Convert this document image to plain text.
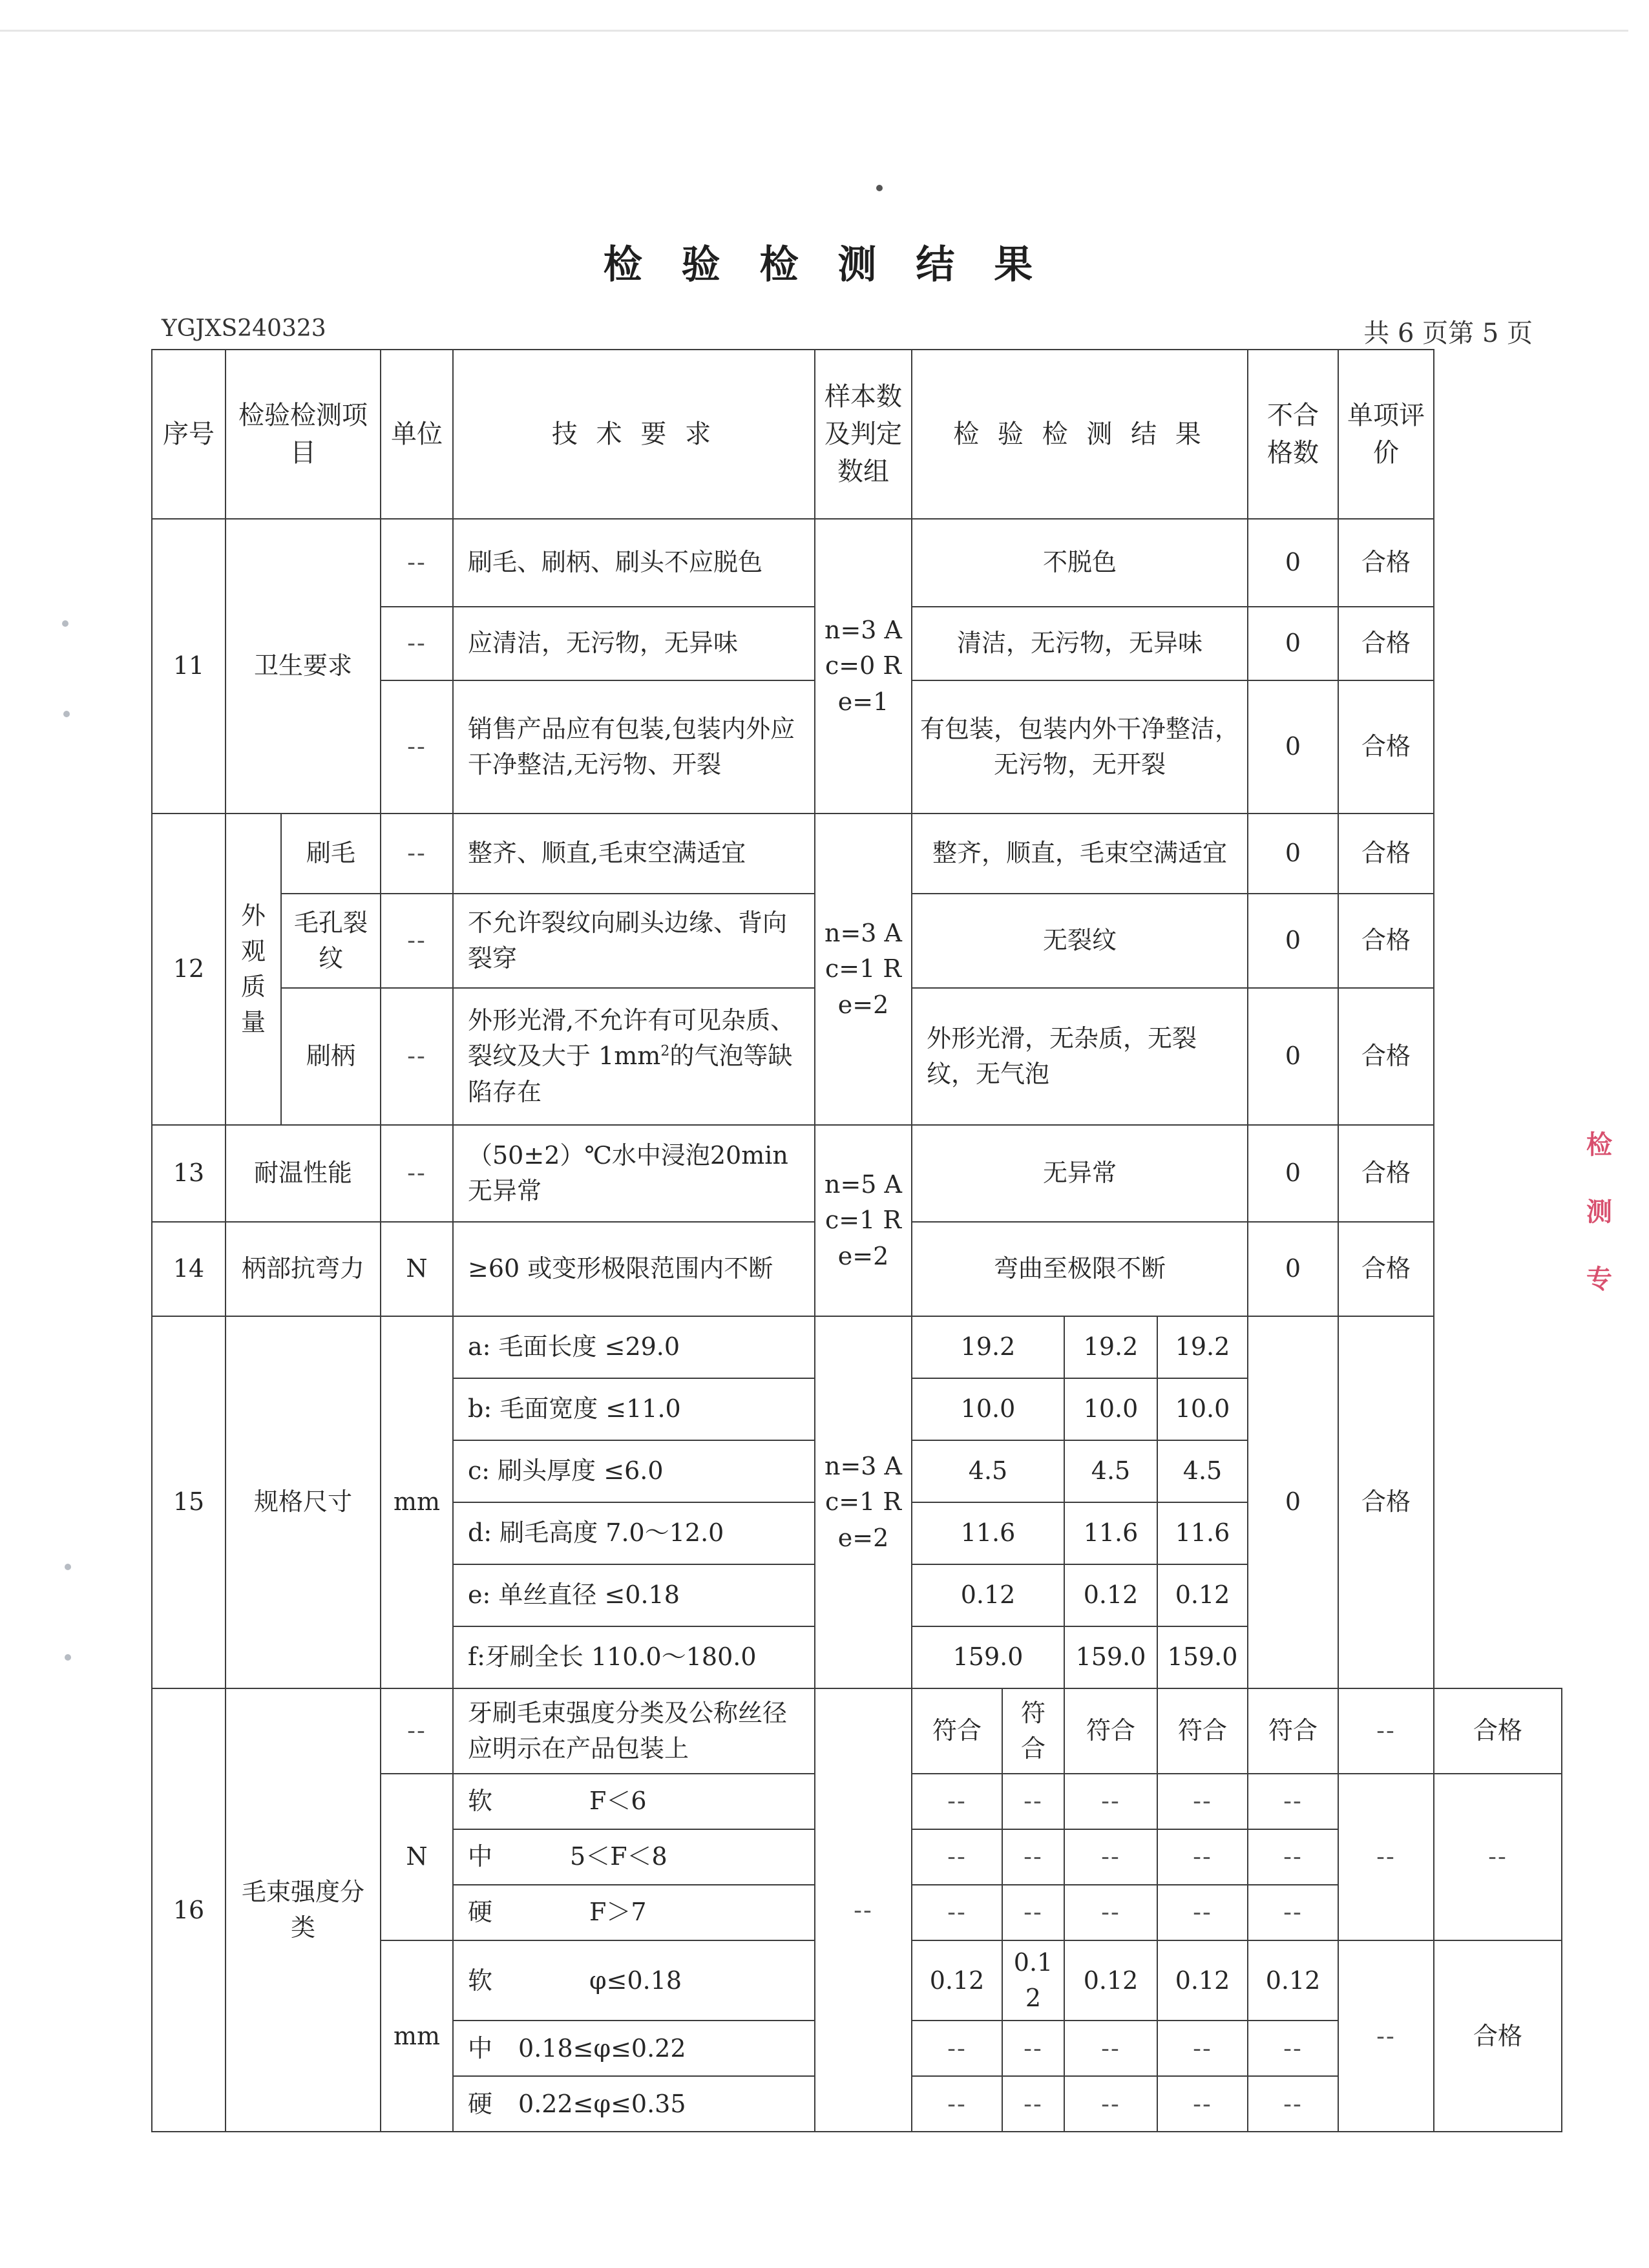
检 验 检 测 结 果
YGJXS240323	共 6 页第 5 页
检
测
专
序号	检验检测项目		单位	技 术 要 求	样本数及判定数组	检 验 检 测 结 果				不合格数	单项评价	
11	卫生要求		--	刷毛、刷柄、刷头不应脱色	n=3 Ac=0 Re=1	不脱色				0	合格	
			--	应清洁，无污物，无异味		清洁，无污物，无异味				0	合格	
			--	销售产品应有包装,包装内外应干净整洁,无污物、开裂		有包装，包装内外干净整洁，无污物，无开裂				0	合格	
12	外观质量	刷毛	--	整齐、顺直,毛束空满适宜	n=3 Ac=1 Re=2	整齐，顺直，毛束空满适宜				0	合格	
		毛孔裂纹	--	不允许裂纹向刷头边缘、背向裂穿		无裂纹				0	合格	
		刷柄	--	外形光滑,不允许有可见杂质、裂纹及大于 $1mm^2$的气泡等缺陷存在		外形光滑，无杂质，无裂纹，无气泡				0	合格	
13	耐温性能		--	（50±2）℃水中浸泡20min 无异常	n=5 Ac=1 Re=2	无异常				0	合格	
14	柄部抗弯力		N	≥60 或变形极限范围内不断		弯曲至极限不断				0	合格	
15	规格尺寸		mm	a: 毛面长度 ≤29.0	n=3 Ac=1 Re=2	19.2		19.2	19.2	0	合格	
				b: 毛面宽度 ≤11.0		10.0		10.0	10.0			
				c: 刷头厚度 ≤6.0		4.5		4.5	4.5			
				d: 刷毛高度 7.0～12.0		11.6		11.6	11.6			
				e: 单丝直径 ≤0.18		0.12		0.12	0.12			
				f:牙刷全长 110.0～180.0		159.0		159.0	159.0			
16	毛束强度分类		--	牙刷毛束强度分类及公称丝径应明示在产品包装上	--	符合	符合	符合	符合	符合	--	合格
			N	软 F＜6		--	--	--	--	--	--	--
				中 5＜F＜8		--	--	--	--	--		
				硬 F＞7		--	--	--	--	--		
			mm	软 φ≤0.18		0.12	0.12	0.12	0.12	0.12	--	合格
				中 0.18≤φ≤0.22		--	--	--	--	--		
				硬 0.22≤φ≤0.35		--	--	--	--	--		
